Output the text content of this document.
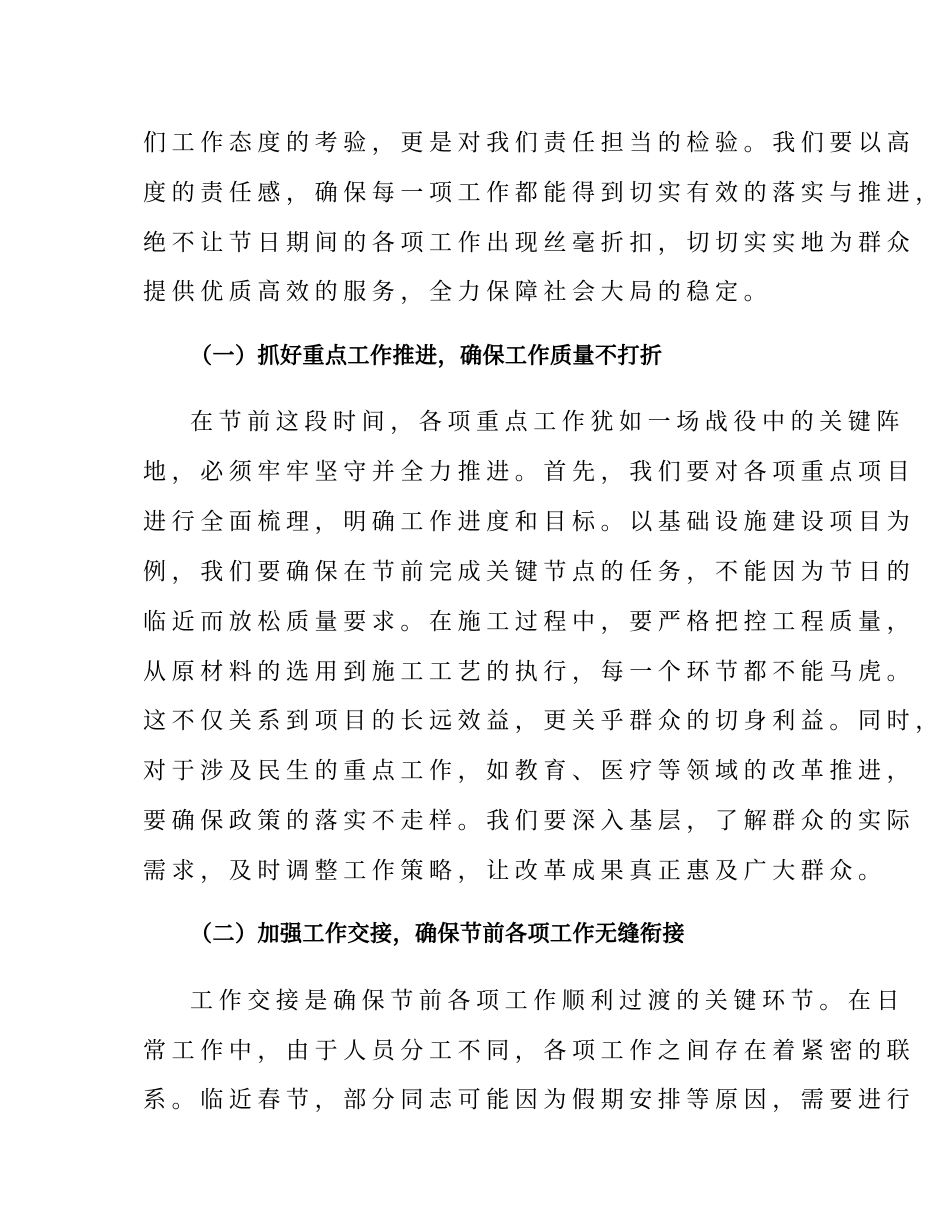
们工作态度的考验，更是对我们责任担当的检验。我们要以高
度的责任感，确保每一项工作都能得到切实有效的落实与推进，
绝不让节日期间的各项工作出现丝毫折扣，切切实实地为群众
提供优质高效的服务，全力保障社会大局的稳定。
（一）抓好重点工作推进，确保工作质量不打折
在节前这段时间，各项重点工作犹如一场战役中的关键阵
地，必须牢牢坚守并全力推进。首先，我们要对各项重点项目
进行全面梳理，明确工作进度和目标。以基础设施建设项目为
例，我们要确保在节前完成关键节点的任务，不能因为节日的
临近而放松质量要求。在施工过程中，要严格把控工程质量，
从原材料的选用到施工工艺的执行，每一个环节都不能马虎。
这不仅关系到项目的长远效益，更关乎群众的切身利益。同时，
对于涉及民生的重点工作，如教育、医疗等领域的改革推进，
要确保政策的落实不走样。我们要深入基层，了解群众的实际
需求，及时调整工作策略，让改革成果真正惠及广大群众。
（二）加强工作交接，确保节前各项工作无缝衔接
工作交接是确保节前各项工作顺利过渡的关键环节。在日
常工作中，由于人员分工不同，各项工作之间存在着紧密的联
系。临近春节，部分同志可能因为假期安排等原因，需要进行
